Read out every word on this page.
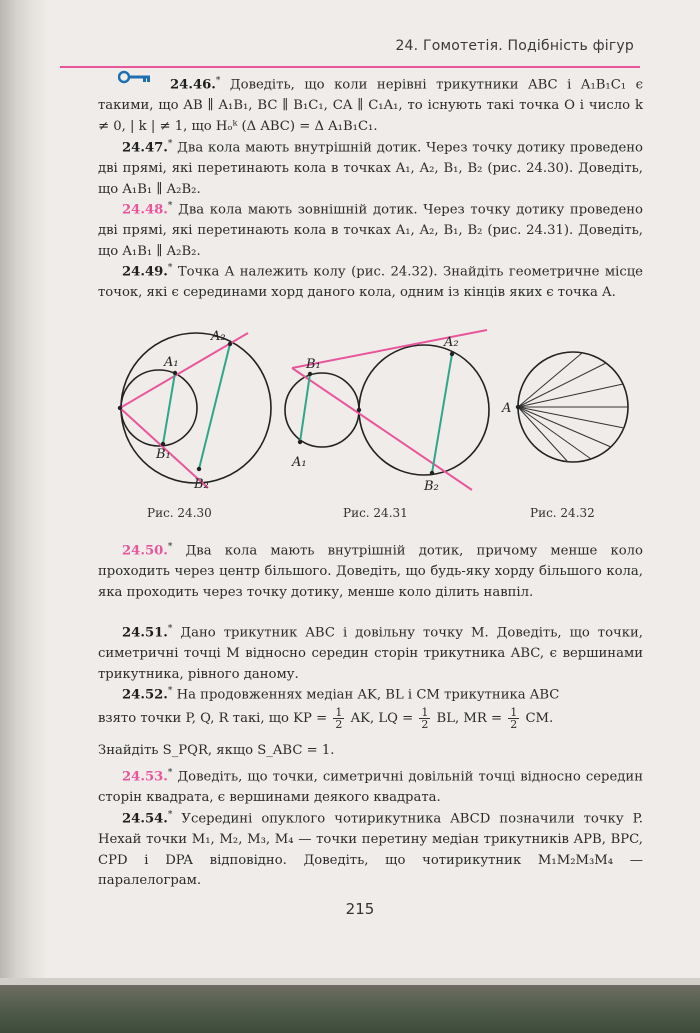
24. Гомотетія. Подібність фігур

24.46.* Доведіть, що коли нерівні трикутники ABC і A₁B₁C₁ є такими, що AB ∥ A₁B₁, BC ∥ B₁C₁, CA ∥ C₁A₁, то існують такі точка O і число k ≠ 0, | k | ≠ 1, що Hₒᵏ (Δ ABC) = Δ A₁B₁C₁.

24.47.* Два кола мають внутрішній дотик. Через точку дотику проведено дві прямі, які перетинають кола в точках A₁, A₂, B₁, B₂ (рис. 24.30). Доведіть, що A₁B₁ ∥ A₂B₂.

24.48.* Два кола мають зовнішній дотик. Через точку дотику проведено дві прямі, які перетинають кола в точках A₁, A₂, B₁, B₂ (рис. 24.31). Доведіть, що A₁B₁ ∥ A₂B₂.

24.49.* Точка A належить колу (рис. 24.32). Знайдіть геометричне місце точок, які є серединами хорд даного кола, одним із кінців яких є точка A.

A₁
A₂
B₁
B₂
Рис. 24.30
B₁
A₁
A₂
B₂
Рис. 24.31
A
Рис. 24.32

24.50.* Два кола мають внутрішній дотик, причому менше коло проходить через центр більшого. Доведіть, що будь-яку хорду більшого кола, яка проходить через точку дотику, менше коло ділить навпіл.

24.51.* Дано трикутник ABC і довільну точку M. Доведіть, що точки, симетричні точці M відносно середин сторін трикутника ABC, є вершинами трикутника, рівного даному.

24.52.* На продовженнях медіан AK, BL і CM трикутника ABC

взято точки P, Q, R такі, що KP = $\frac{1}{2}$ AK, LQ = $\frac{1}{2}$ BL, MR = $\frac{1}{2}$ CM.
Знайдіть S_PQR, якщо S_ABC = 1.

24.53.* Доведіть, що точки, симетричні довільній точці відносно середин сторін квадрата, є вершинами деякого квадрата.

24.54.* Усередині опуклого чотирикутника ABCD позначили точку P. Нехай точки M₁, M₂, M₃, M₄ — точки перетину медіан трикутників APB, BPC, CPD і DPA відповідно. Доведіть, що чотирикутник M₁M₂M₃M₄ — паралелограм.

215
